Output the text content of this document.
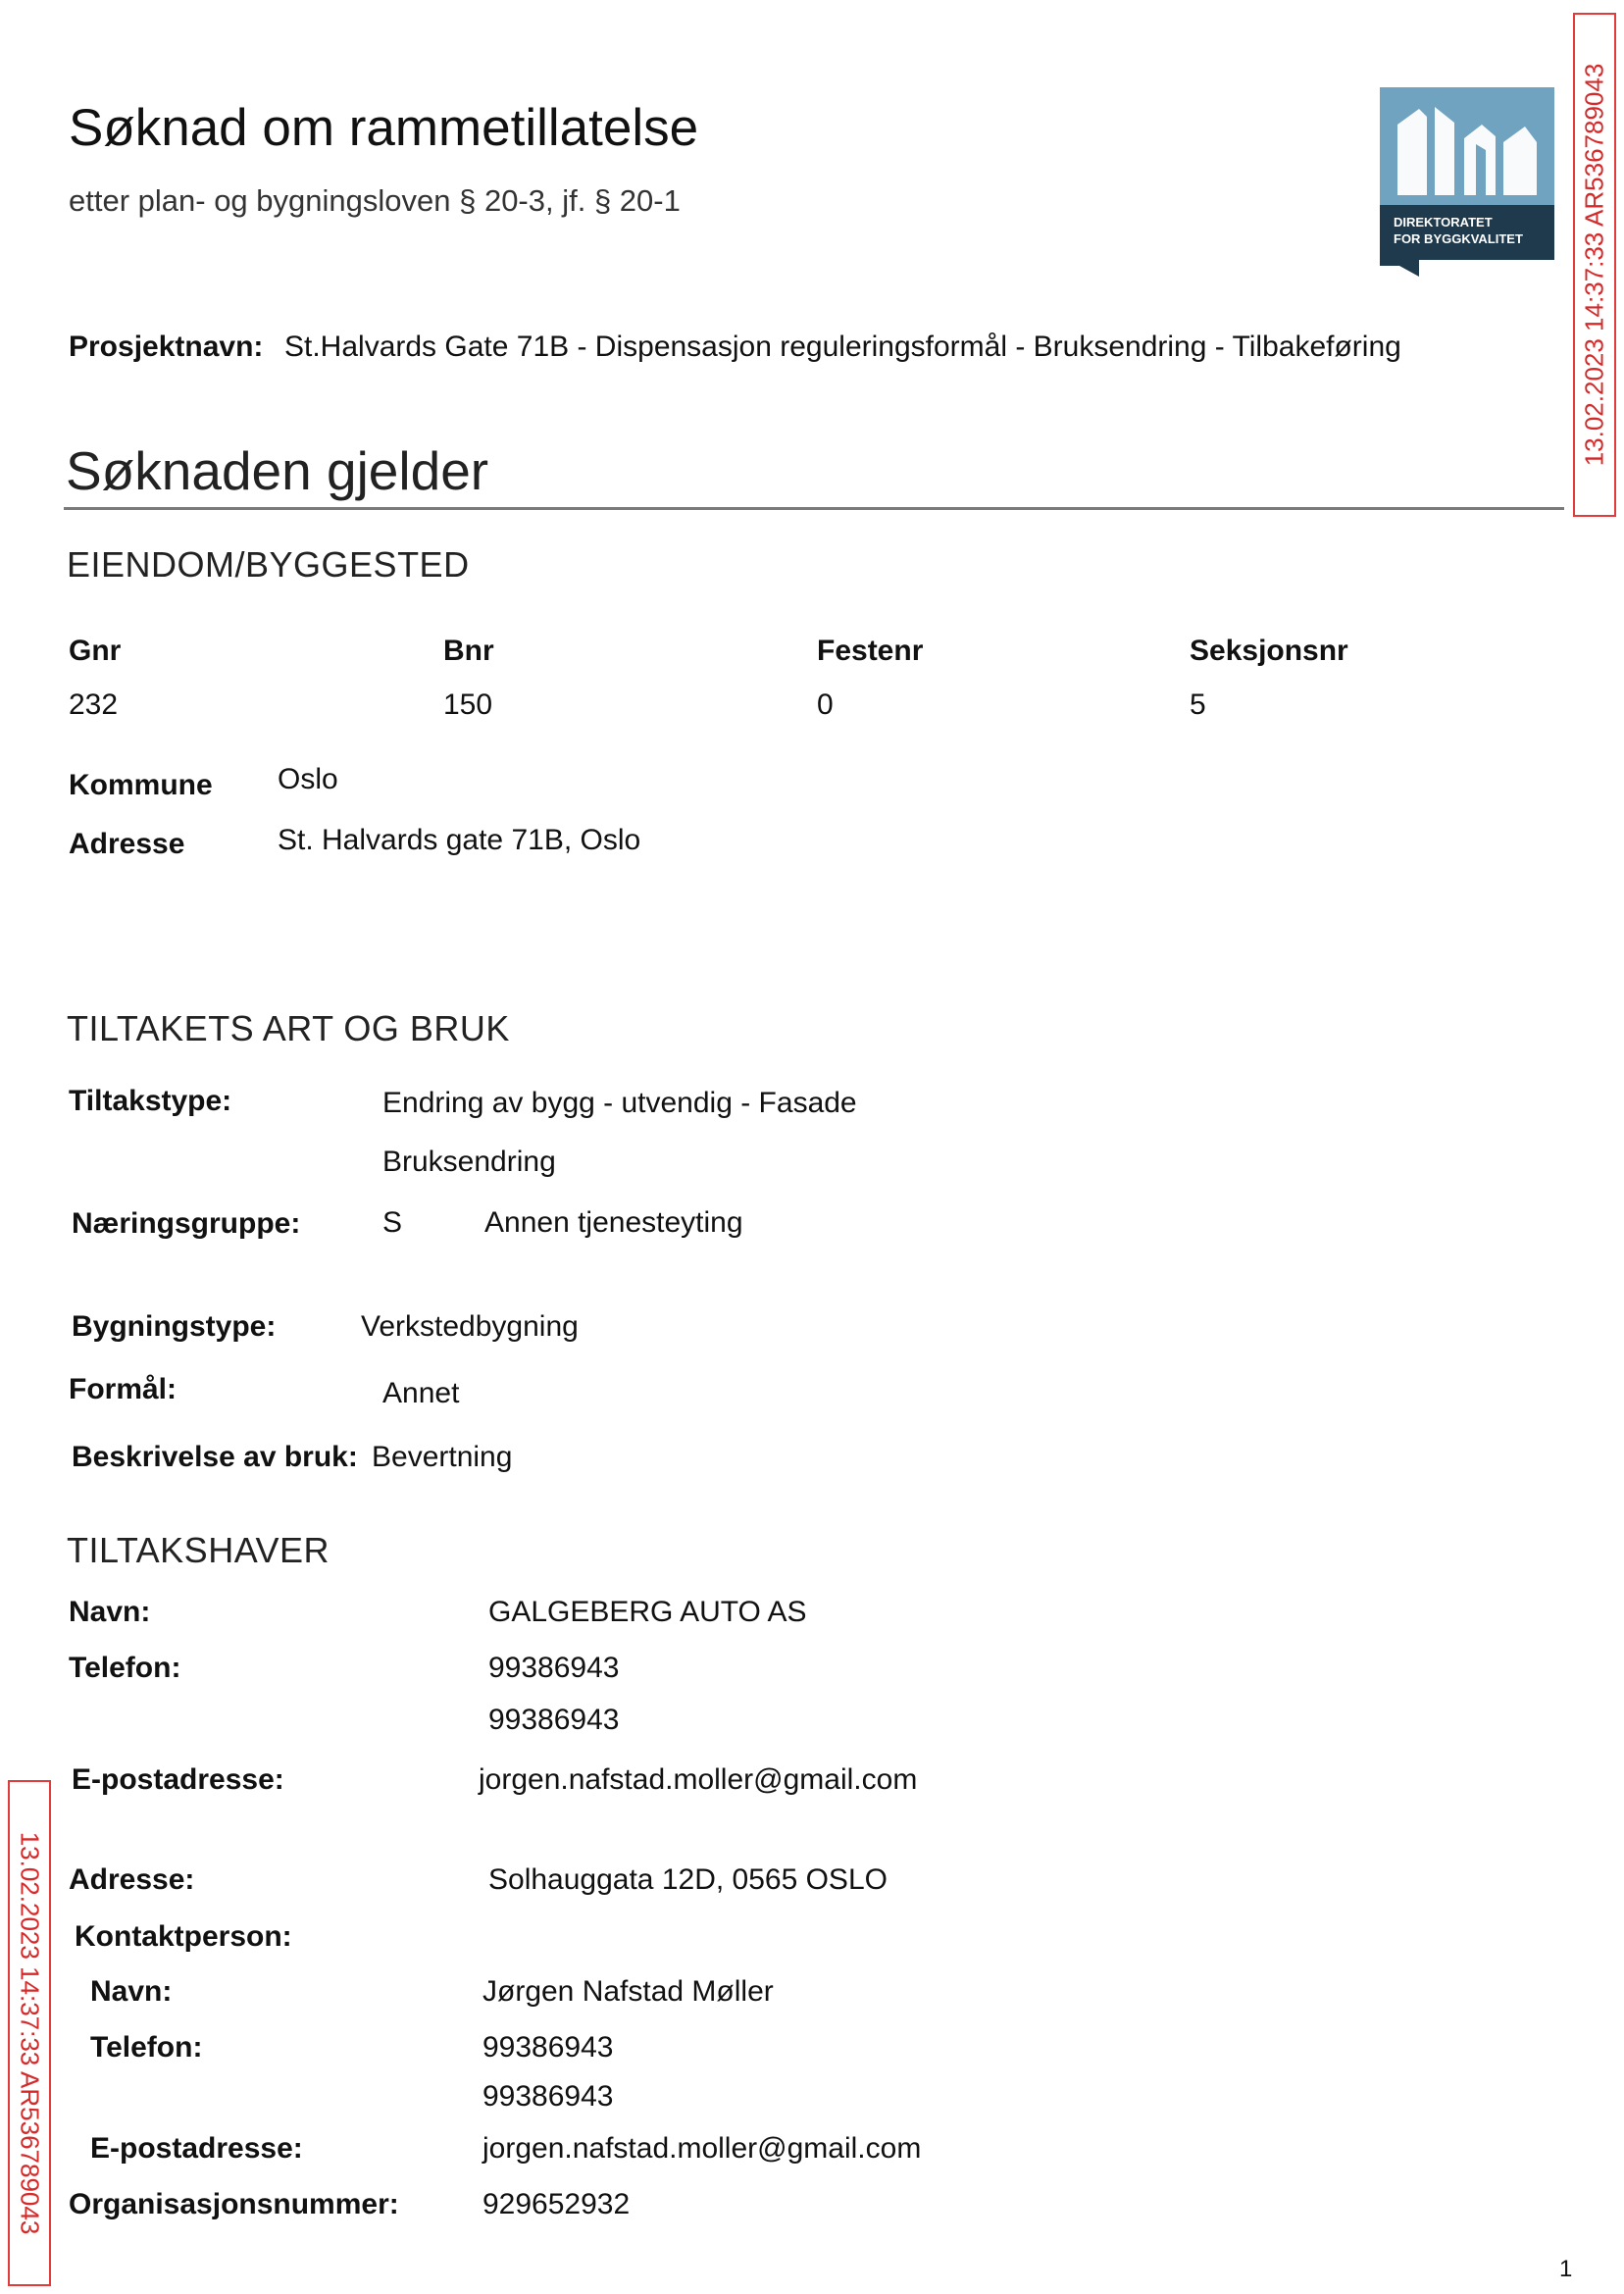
Søknad om rammetillatelse
etter plan- og bygningsloven § 20-3, jf. § 20-1
DIREKTORATET
FOR BYGGKVALITET
Prosjektnavn: St.Halvards Gate 71B - Dispensasjon reguleringsformål - Bruksendring - Tilbakeføring
Søknaden gjelder
EIENDOM/BYGGESTED
Gnr	Bnr	Festenr	Seksjonsnr
232	150	0	5
Kommune Oslo
Adresse	St. Halvards gate 71B, Oslo
TILTAKETS ART OG BRUK
Tiltakstype:	Endring av bygg - utvendig - Fasade
Bruksendring
Næringsgruppe:	S	Annen tjenesteyting
Bygningstype:	Verkstedbygning
Formål:	Annet
Beskrivelse av bruk: Bevertning
TILTAKSHAVER
Navn:	GALGEBERG AUTO AS
Telefon:	99386943
99386943
E-postadresse:	jorgen.nafstad.moller@gmail.com
Adresse:	Solhauggata 12D, 0565 OSLO
Kontaktperson:
Navn:	Jørgen Nafstad Møller
Telefon:	99386943
99386943
E-postadresse:	jorgen.nafstad.moller@gmail.com
Organisasjonsnummer:	929652932
13.02.2023 14:37:33 AR536789043
13.02.2023 14:37:33 AR536789043
1
